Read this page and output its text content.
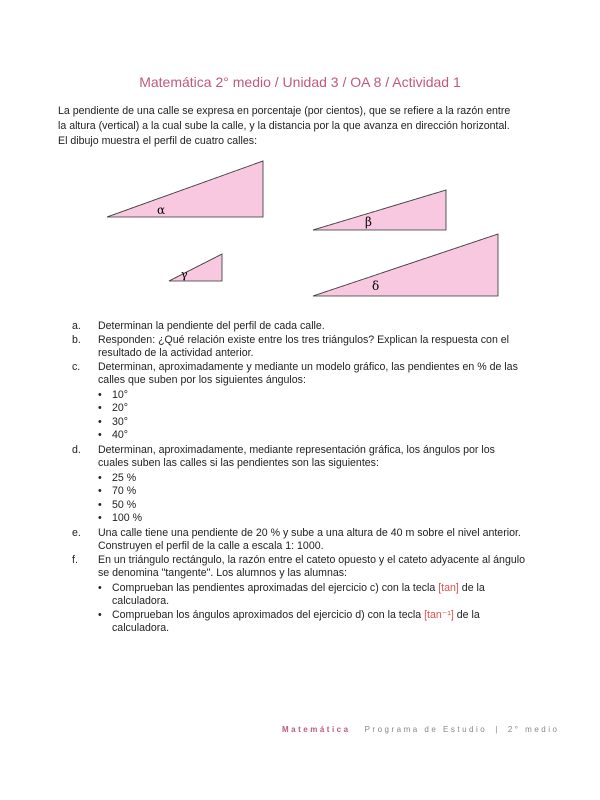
Matemática 2° medio / Unidad 3 / OA 8 / Actividad 1
La pendiente de una calle se expresa en porcentaje (por cientos), que se refiere a la razón entre la altura (vertical) a la cual sube la calle, y la distancia por la que avanza en dirección horizontal. El dibujo muestra el perfil de cuatro calles:
α
β
γ
δ
a.	Determinan la pendiente del perfil de cada calle.
b.	Responden: ¿Qué relación existe entre los tres triángulos? Explican la respuesta con el resultado de la actividad anterior.
c.	Determinan, aproximadamente y mediante un modelo gráfico, las pendientes en % de las calles que suben por los siguientes ángulos:
• 10°
• 20°
• 30°
• 40°
d.	Determinan, aproximadamente, mediante representación gráfica, los ángulos por los cuales suben las calles si las pendientes son las siguientes:
• 25 %
• 70 %
• 50 %
• 100 %
e.	Una calle tiene una pendiente de 20 % y sube a una altura de 40 m sobre el nivel anterior. Construyen el perfil de la calle a escala 1: 1000.
f.	En un triángulo rectángulo, la razón entre el cateto opuesto y el cateto adyacente al ángulo se denomina "tangente". Los alumnos y las alumnas:
• Comprueban las pendientes aproximadas del ejercicio c) con la tecla [tan] de la calculadora.
• Comprueban los ángulos aproximados del ejercicio d) con la tecla [tan⁻¹] de la calculadora.
Matemática Programa de Estudio | 2° medio
